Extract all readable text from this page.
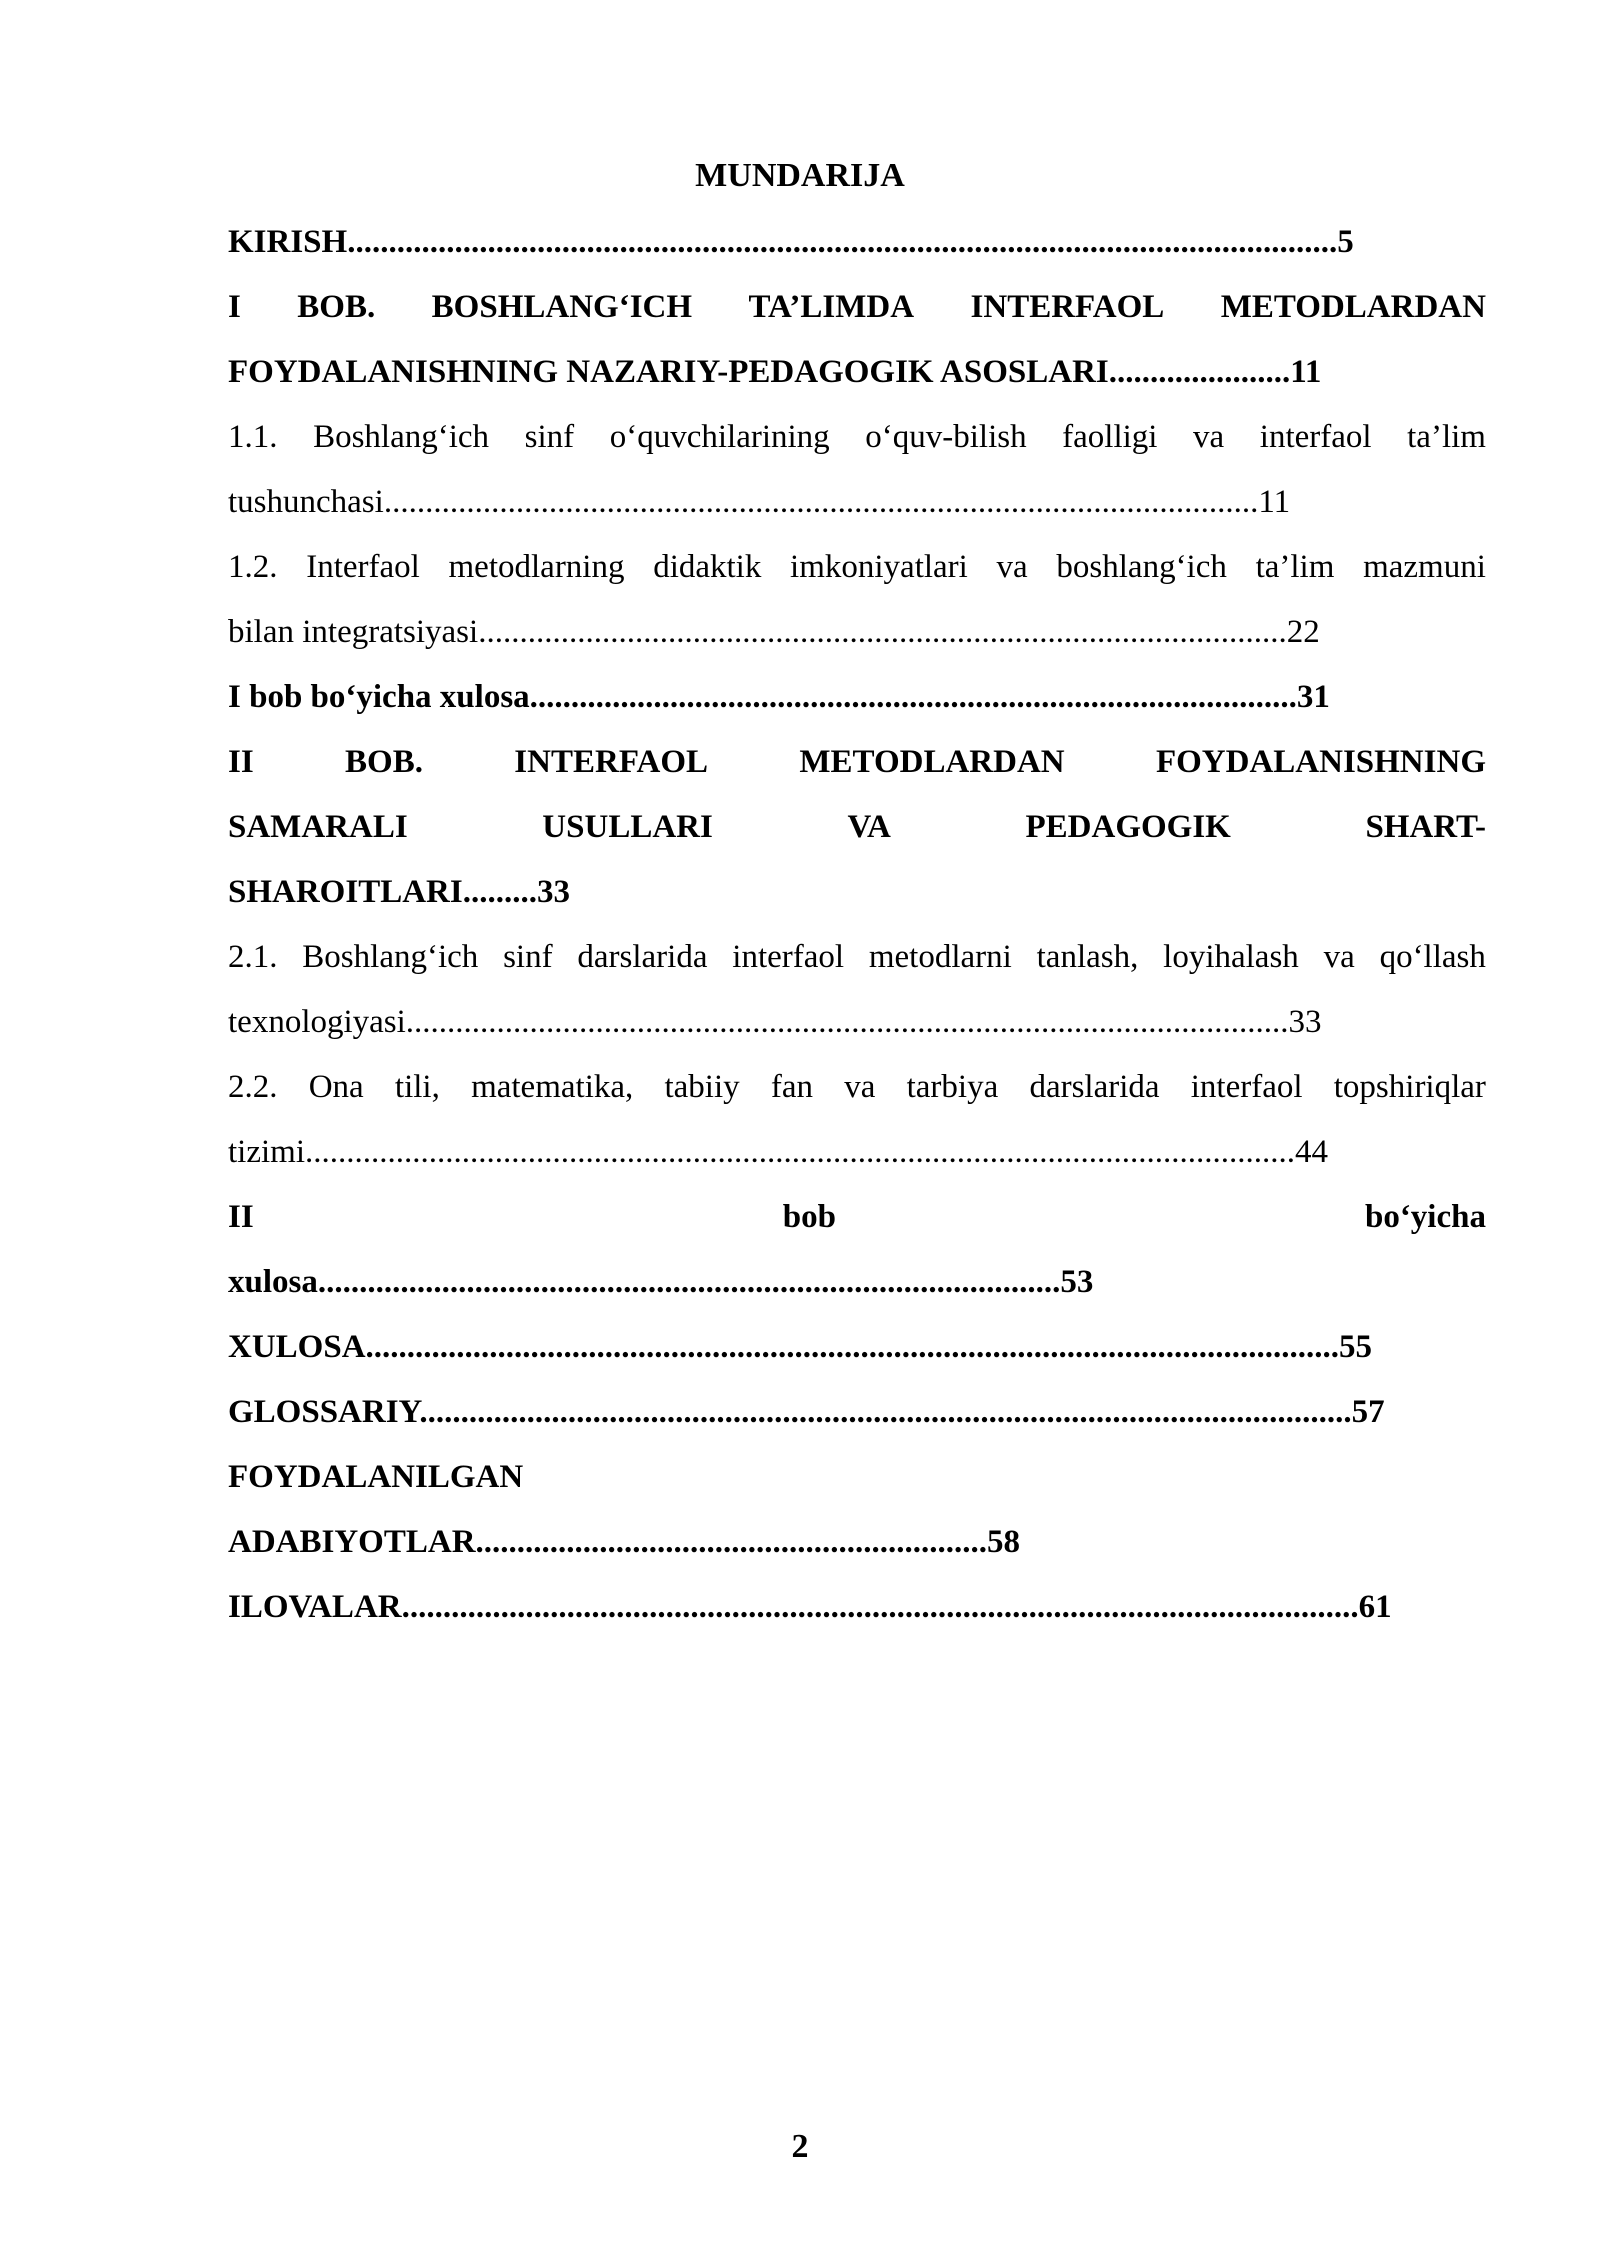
MUNDARIJA
KIRISH........................................................................................................................5
I BOB. BOSHLANG‘ICH TA’LIMDA INTERFAOL METODLARDAN
FOYDALANISHNING NAZARIY-PEDAGOGIK ASOSLARI......................11
1.1. Boshlang‘ich sinf o‘quvchilarining o‘quv-bilish faolligi va interfaol ta’lim
tushunchasi..........................................................................................................11
1.2. Interfaol metodlarning didaktik imkoniyatlari va boshlang‘ich ta’lim mazmuni
bilan integratsiyasi..................................................................................................22
I bob bo‘yicha xulosa.............................................................................................31
II	BOB.	INTERFAOL	METODLARDAN	FOYDALANISHNING
SAMARALI	USULLARI	VA	PEDAGOGIK	SHART-
SHAROITLARI.........33
2.1. Boshlang‘ich sinf darslarida interfaol metodlarni tanlash, loyihalash va qo‘llash
texnologiyasi...........................................................................................................33
2.2. Ona tili, matematika, tabiiy fan va tarbiya darslarida interfaol topshiriqlar
tizimi........................................................................................................................44
II	bob	bo‘yicha
xulosa..........................................................................................53
XULOSA......................................................................................................................55
GLOSSARIY.................................................................................................................57
FOYDALANILGAN
ADABIYOTLAR..............................................................58
ILOVALAR....................................................................................................................61
2
